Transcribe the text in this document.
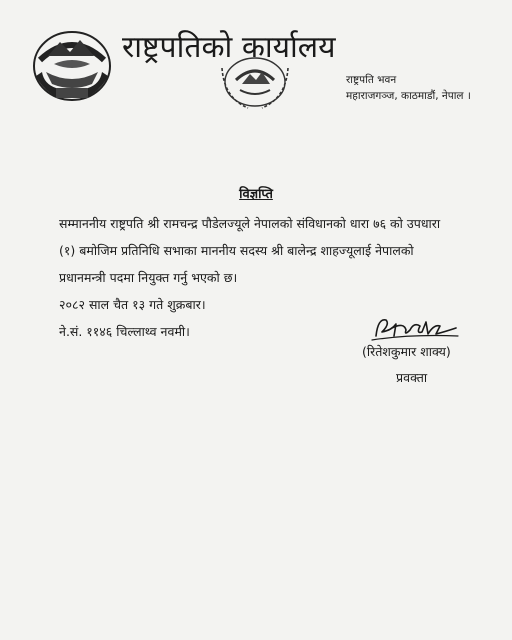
राष्ट्रपतिको कार्यालय
राष्ट्रपति भवन
महाराजगञ्ज, काठमाडौं, नेपाल ।
विज्ञप्ति
सम्माननीय राष्ट्रपति श्री रामचन्द्र पौडेलज्यूले नेपालको संविधानको धारा ७६ को उपधारा
(१) बमोजिम प्रतिनिधि सभाका माननीय सदस्य श्री बालेन्द्र शाहज्यूलाई नेपालको
प्रधानमन्त्री पदमा नियुक्त गर्नु भएको छ।
२०८२ साल चैत १३ गते शुक्रबार।
ने.सं. ११४६ चिल्लाथ्व नवमी।
(रितेशकुमार शाक्य)
प्रवक्ता
